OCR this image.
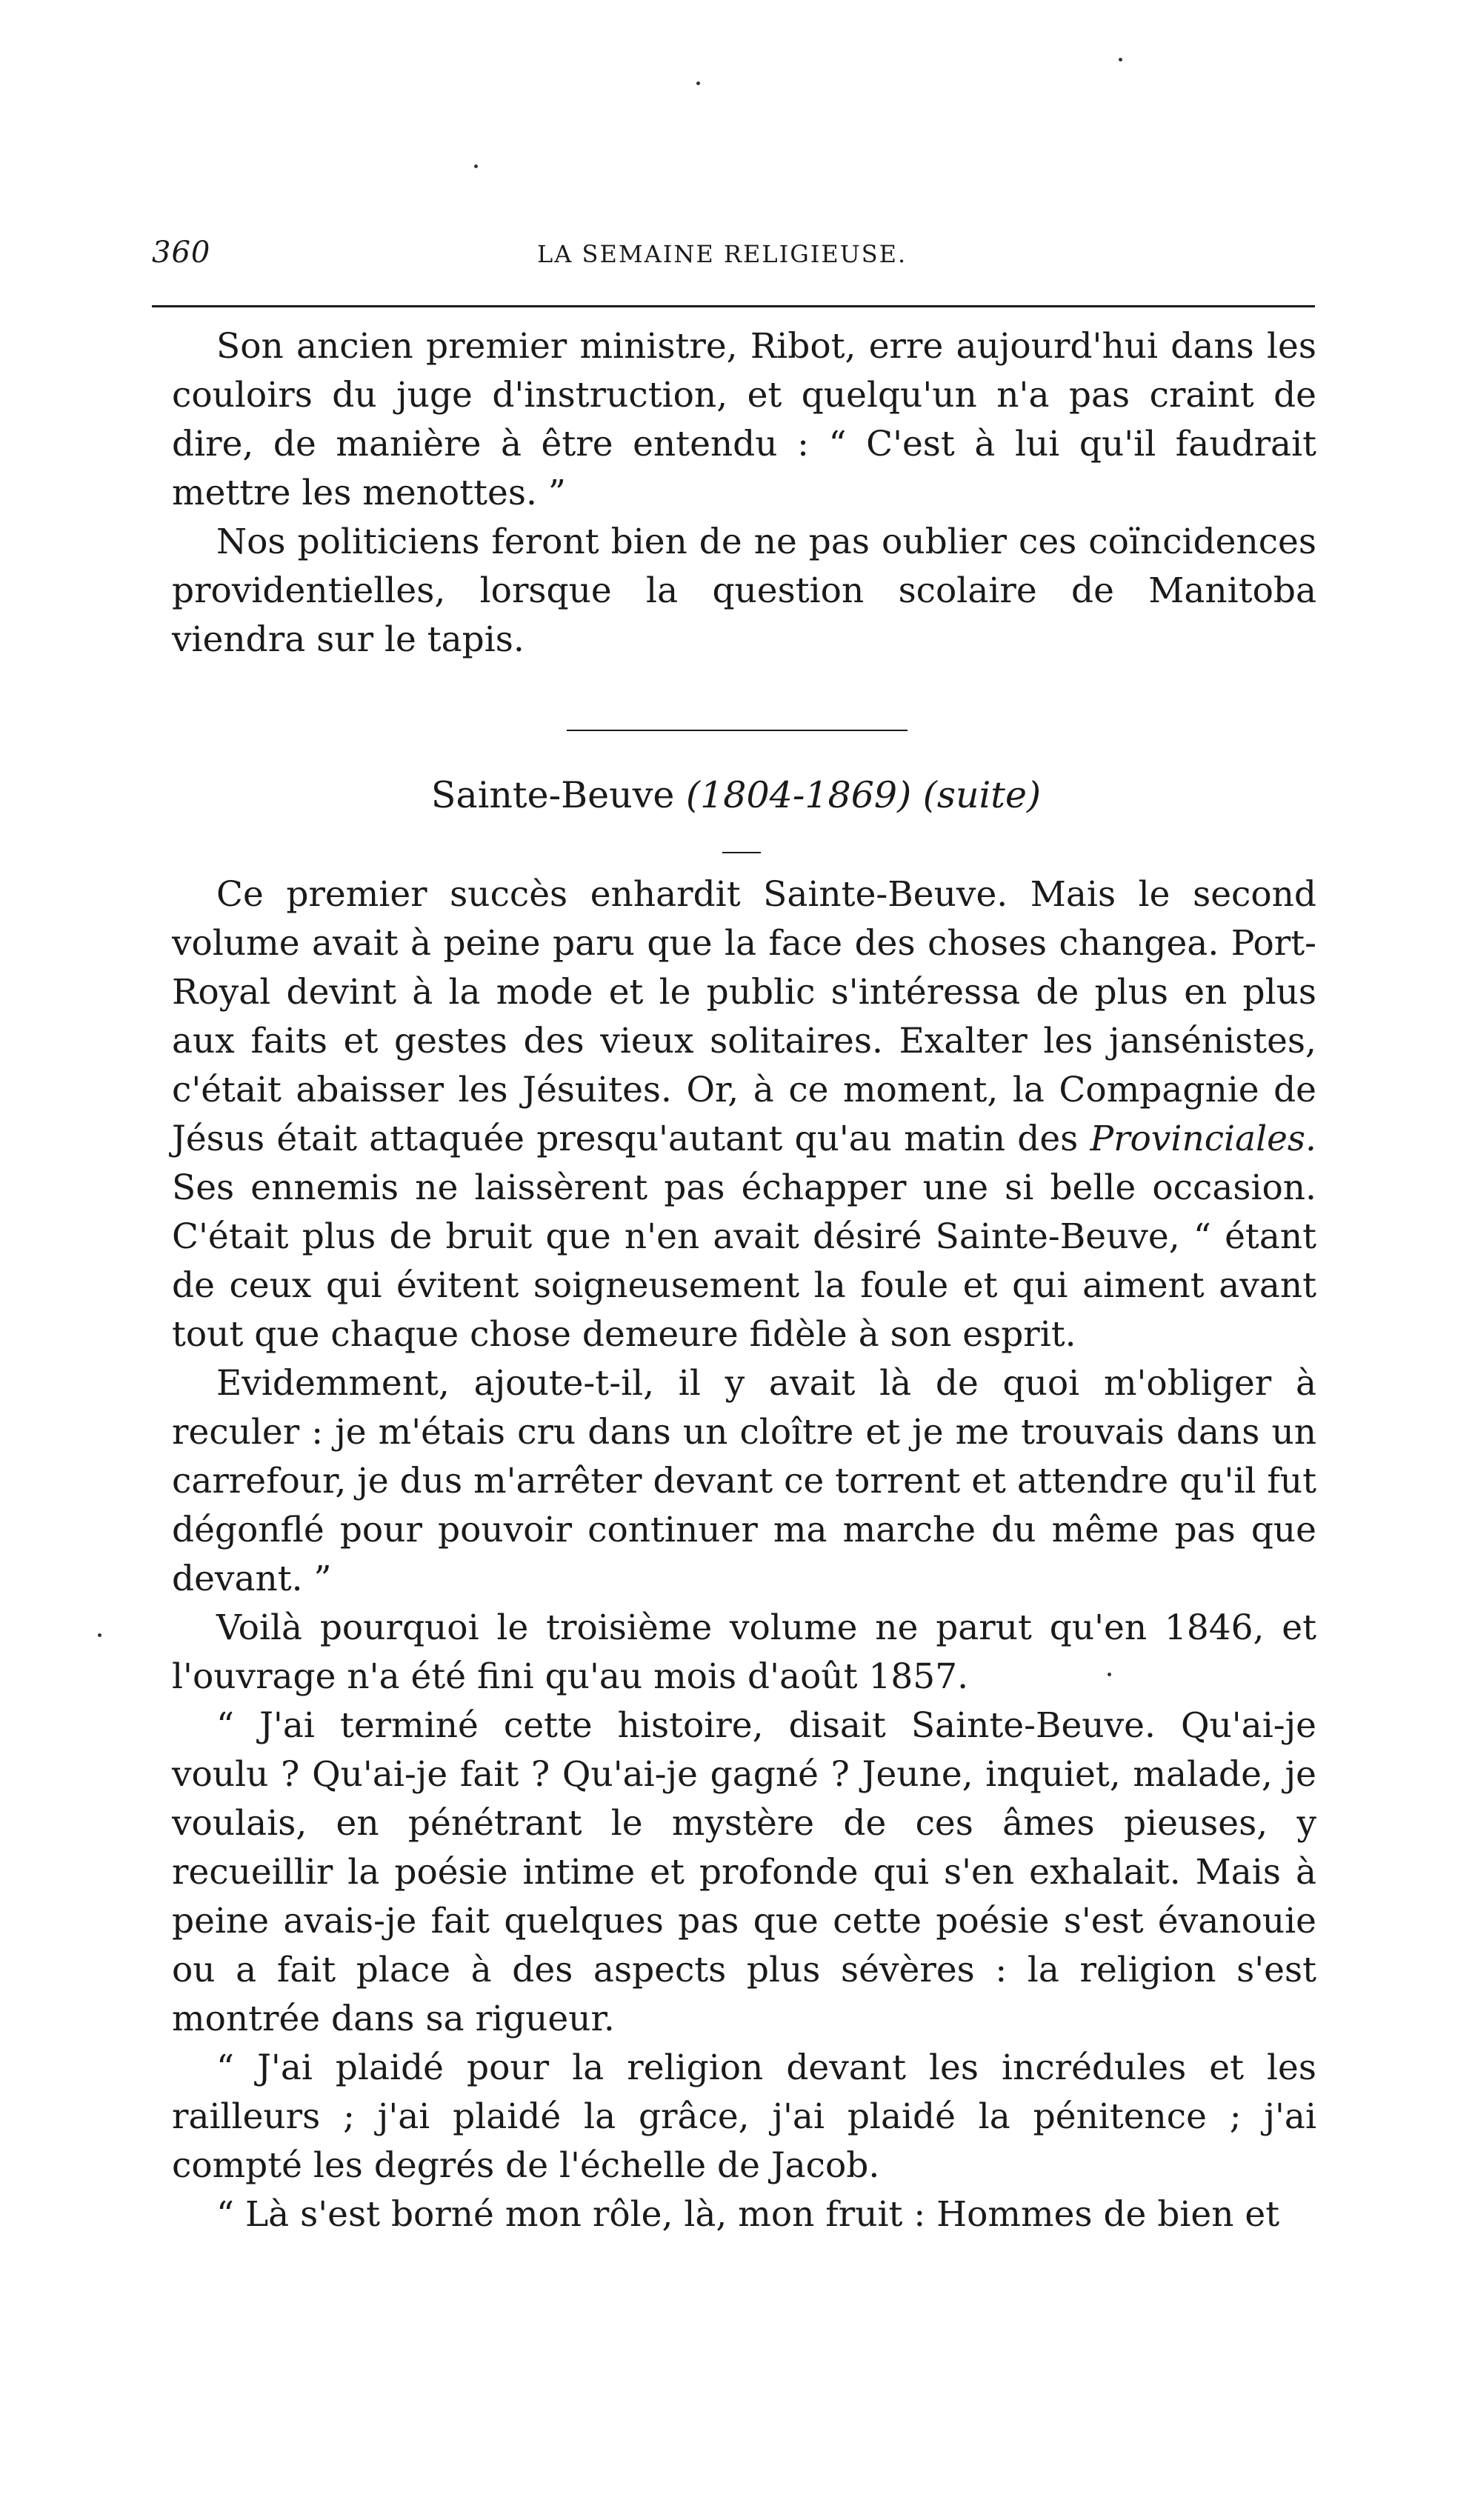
360	LA SEMAINE RELIGIEUSE.

Son ancien premier ministre, Ribot, erre aujourd'hui dans les couloirs du juge d'instruction, et quelqu'un n'a pas craint de dire, de manière à être entendu : “ C'est à lui qu'il faudrait mettre les menottes. ”

Nos politiciens feront bien de ne pas oublier ces coïncidences providentielles, lorsque la question scolaire de Manitoba viendra sur le tapis.

Sainte-Beuve (1804-1869) (suite)

Ce premier succès enhardit Sainte-Beuve. Mais le second volume avait à peine paru que la face des choses changea. Port-Royal devint à la mode et le public s'intéressa de plus en plus aux faits et gestes des vieux solitaires. Exalter les jansénistes, c'était abaisser les Jésuites. Or, à ce moment, la Compagnie de Jésus était attaquée presqu'autant qu'au matin des Provinciales. Ses ennemis ne laissèrent pas échapper une si belle occasion. C'était plus de bruit que n'en avait désiré Sainte-Beuve, “ étant de ceux qui évitent soigneusement la foule et qui aiment avant tout que chaque chose demeure fidèle à son esprit.

Evidemment, ajoute-t-il, il y avait là de quoi m'obliger à reculer : je m'étais cru dans un cloître et je me trouvais dans un carrefour, je dus m'arrêter devant ce torrent et attendre qu'il fut dégonflé pour pouvoir continuer ma marche du même pas que devant. ”

Voilà pourquoi le troisième volume ne parut qu'en 1846, et l'ouvrage n'a été fini qu'au mois d'août 1857.

“ J'ai terminé cette histoire, disait Sainte-Beuve. Qu'ai-je voulu ? Qu'ai-je fait ? Qu'ai-je gagné ? Jeune, inquiet, malade, je voulais, en pénétrant le mystère de ces âmes pieuses, y recueillir la poésie intime et profonde qui s'en exhalait. Mais à peine avais-je fait quelques pas que cette poésie s'est évanouie ou a fait place à des aspects plus sévères : la religion s'est montrée dans sa rigueur.

“ J'ai plaidé pour la religion devant les incrédules et les railleurs ; j'ai plaidé la grâce, j'ai plaidé la pénitence ; j'ai compté les degrés de l'échelle de Jacob.

“ Là s'est borné mon rôle, là, mon fruit : Hommes de bien et
